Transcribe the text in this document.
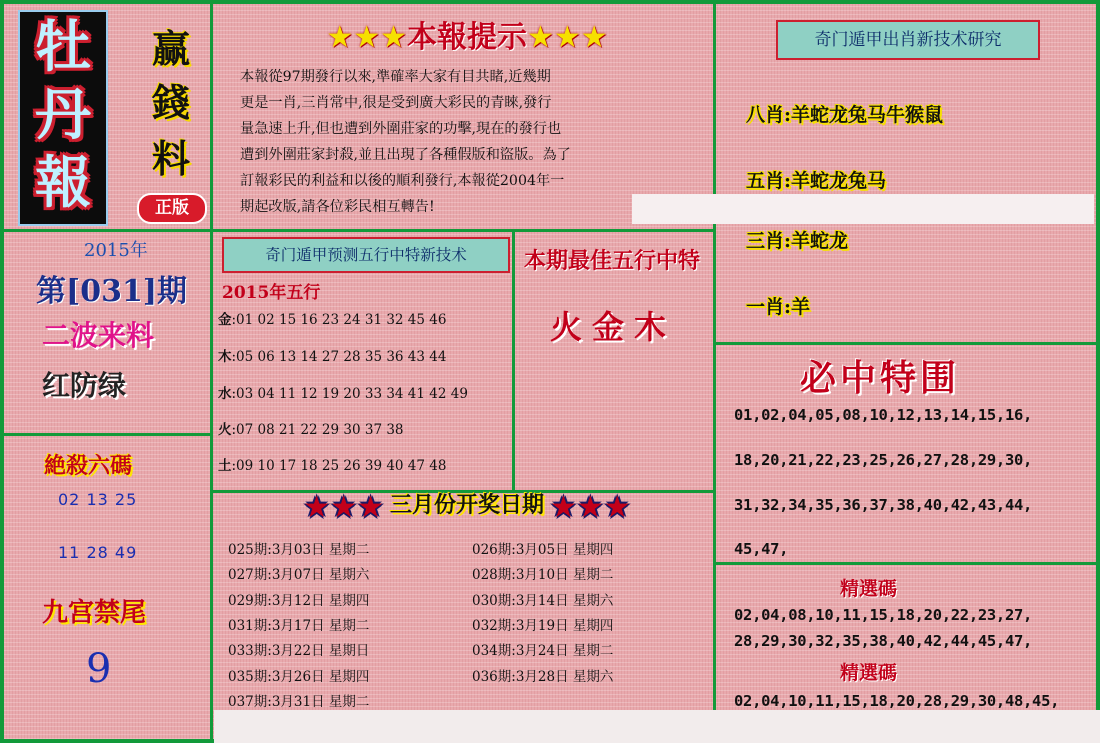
牡
丹
報
赢
錢
料
正版
★★★本報提示★★★
本報從97期發行以來,準確率大家有目共睹,近幾期
更是一肖,三肖常中,很是受到廣大彩民的青睞,發行
量急速上升,但也遭到外圍莊家的功擊,現在的發行也
遭到外圍莊家封殺,並且出現了各種假版和盜版。為了
訂報彩民的利益和以後的順利發行,本報從2004年一
期起改版,請各位彩民相互轉告!
奇门遁甲出肖新技术研究
八肖:羊蛇龙兔马牛猴鼠
五肖:羊蛇龙兔马
三肖:羊蛇龙
一肖:羊
2015年
第[031]期
二波来料
红防绿
絶殺六碼
02 13 25
11 28 49
九宫禁尾
9
奇门遁甲预测五行中特新技术
2015年五行
金:01 02 15 16 23 24 31 32 45 46
木:05 06 13 14 27 28 35 36 43 44
水:03 04 11 12 19 20 33 34 41 42 49
火:07 08 21 22 29 30 37 38
土:09 10 17 18 25 26 39 40 47 48
本期最佳五行中特
火金木
★★★ 三月份开奖日期 ★★★
025期:3月03日 星期二
027期:3月07日 星期六
029期:3月12日 星期四
031期:3月17日 星期二
033期:3月22日 星期日
035期:3月26日 星期四
037期:3月31日 星期二
026期:3月05日 星期四
028期:3月10日 星期二
030期:3月14日 星期六
032期:3月19日 星期四
034期:3月24日 星期二
036期:3月28日 星期六
必中特围
01,02,04,05,08,10,12,13,14,15,16,
18,20,21,22,23,25,26,27,28,29,30,
31,32,34,35,36,37,38,40,42,43,44,
45,47,
精選碼
02,04,08,10,11,15,18,20,22,23,27,
28,29,30,32,35,38,40,42,44,45,47,
精選碼
02,04,10,11,15,18,20,28,29,30,48,45,
